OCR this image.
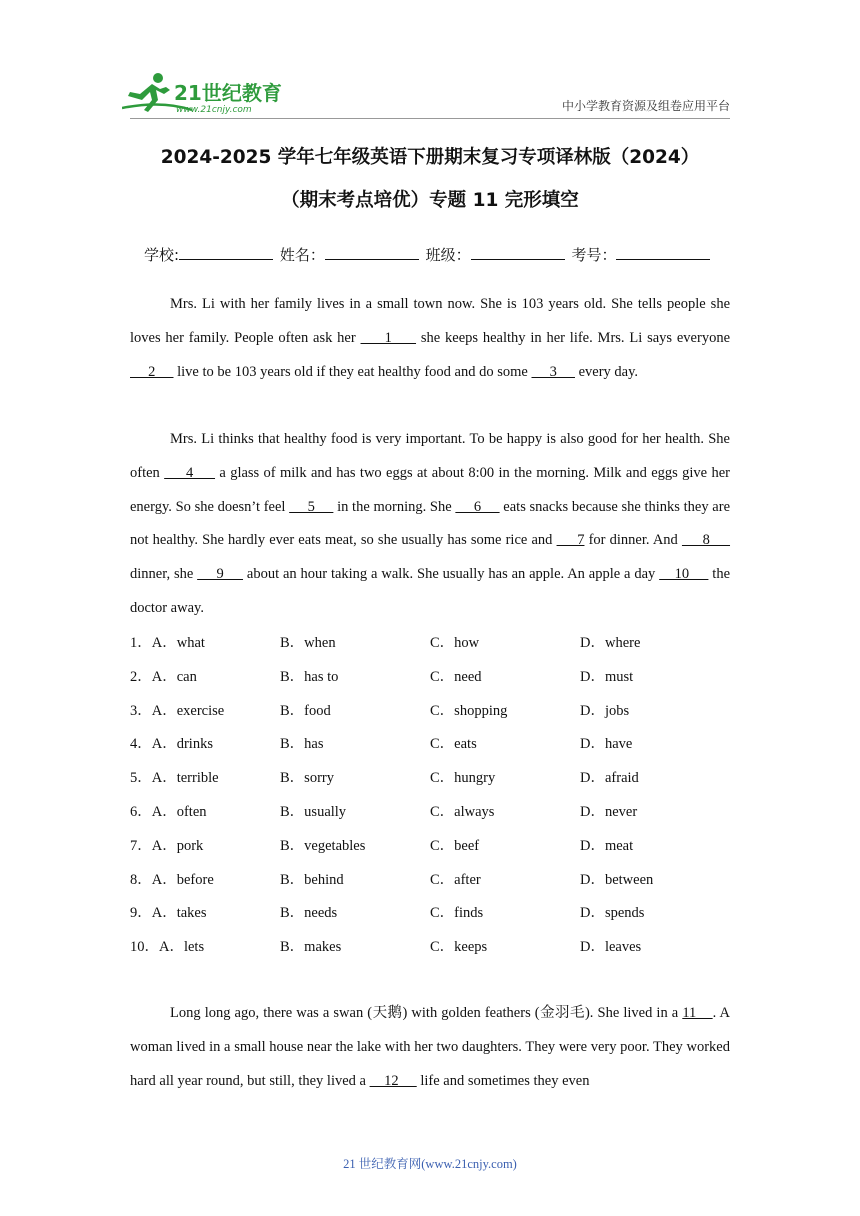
21世纪教育
www.21cnjy.com	中小学教育资源及组卷应用平台
2024-2025 学年七年级英语下册期末复习专项译林版（2024）
（期末考点培优）专题 11 完形填空
学校:	姓名：	班级：	考号：
Mrs. Li with her family lives in a small town now. She is 103 years old. She tells people she loves her family. People often ask her      1      she keeps healthy in her life. Mrs. Li says everyone      2      live to be 103 years old if they eat healthy food and do some      3      every day.
Mrs. Li thinks that healthy food is very important. To be happy is also good for her health. She often      4      a glass of milk and has two eggs at about 8:00 in the morning. Milk and eggs give her energy. So she doesn’t feel      5      in the morning. She      6      eats snacks because she thinks they are not healthy. She hardly ever eats meat, so she usually has some rice and      7 for dinner. And      8      dinner, she      9      about an hour taking a walk. She usually has an apple. An apple a day     10      the doctor away.
1．A．what	B．when	C．how	D．where
2．A．can	B．has to	C．need	D．must
3．A．exercise	B．food	C．shopping	D．jobs
4．A．drinks	B．has	C．eats	D．have
5．A．terrible	B．sorry	C．hungry	D．afraid
6．A．often	B．usually	C．always	D．never
7．A．pork	B．vegetables	C．beef	D．meat
8．A．before	B．behind	C．after	D．between
9．A．takes	B．needs	C．finds	D．spends
10．A．lets	B．makes	C．keeps	D．leaves
Long long ago, there was a swan (天鹅) with golden feathers (金羽毛). She lived in a 11    . A woman lived in a small house near the lake with her two daughters. They were very poor. They worked hard all year round, but still, they lived a     12      life and sometimes they even
21 世纪教育网(www.21cnjy.com)
